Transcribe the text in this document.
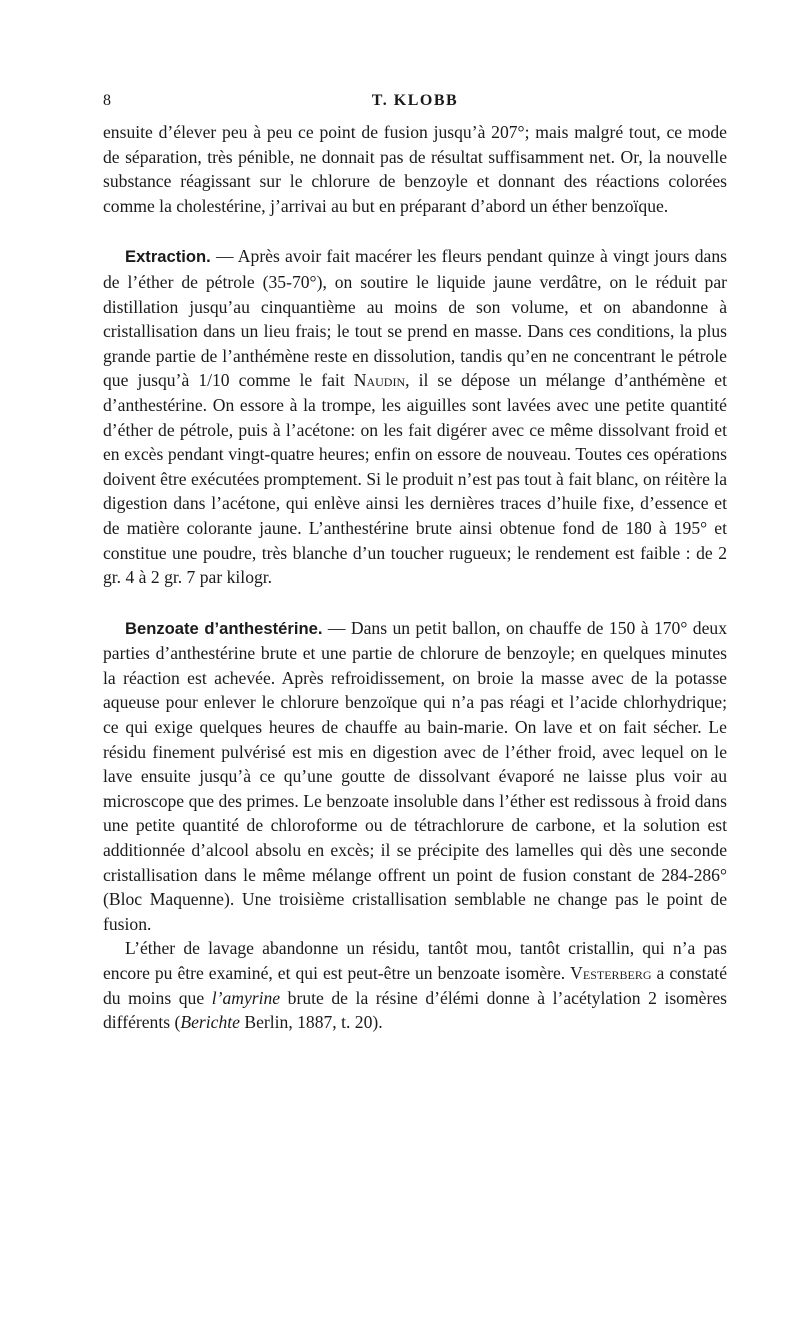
8	T. KLOBB

ensuite d’élever peu à peu ce point de fusion jusqu’à 207°; mais malgré tout, ce mode de séparation, très pénible, ne donnait pas de résultat suffisamment net. Or, la nouvelle substance réagissant sur le chlorure de benzoyle et donnant des réactions colorées comme la cholestérine, j’arrivai au but en préparant d’abord un éther benzoïque.

Extraction. — Après avoir fait macérer les fleurs pendant quinze à vingt jours dans de l’éther de pétrole (35-70°), on soutire le liquide jaune verdâtre, on le réduit par distillation jusqu’au cinquantième au moins de son volume, et on abandonne à cristallisation dans un lieu frais; le tout se prend en masse. Dans ces conditions, la plus grande partie de l’anthémène reste en dissolution, tandis qu’en ne concentrant le pétrole que jusqu’à 1/10 comme le fait Naudin, il se dépose un mélange d’anthémène et d’anthestérine. On essore à la trompe, les aiguilles sont lavées avec une petite quantité d’éther de pétrole, puis à l’acétone: on les fait digérer avec ce même dissolvant froid et en excès pendant vingt-quatre heures; enfin on essore de nouveau. Toutes ces opérations doivent être exécutées promptement. Si le produit n’est pas tout à fait blanc, on réitère la digestion dans l’acétone, qui enlève ainsi les dernières traces d’huile fixe, d’essence et de matière colorante jaune. L’anthestérine brute ainsi obtenue fond de 180 à 195° et constitue une poudre, très blanche d’un toucher rugueux; le rendement est faible : de 2 gr. 4 à 2 gr. 7 par kilogr.

Benzoate d’anthestérine. — Dans un petit ballon, on chauffe de 150 à 170° deux parties d’anthestérine brute et une partie de chlorure de benzoyle; en quelques minutes la réaction est achevée. Après refroidissement, on broie la masse avec de la potasse aqueuse pour enlever le chlorure benzoïque qui n’a pas réagi et l’acide chlorhydrique; ce qui exige quelques heures de chauffe au bain-marie. On lave et on fait sécher. Le résidu finement pulvérisé est mis en digestion avec de l’éther froid, avec lequel on le lave ensuite jusqu’à ce qu’une goutte de dissolvant évaporé ne laisse plus voir au microscope que des primes. Le benzoate insoluble dans l’éther est redissous à froid dans une petite quantité de chloroforme ou de tétrachlorure de carbone, et la solution est additionnée d’alcool absolu en excès; il se précipite des lamelles qui dès une seconde cristallisation dans le même mélange offrent un point de fusion constant de 284-286° (Bloc Maquenne). Une troisième cristallisation semblable ne change pas le point de fusion.

L’éther de lavage abandonne un résidu, tantôt mou, tantôt cristallin, qui n’a pas encore pu être examiné, et qui est peut-être un benzoate isomère. Vesterberg a constaté du moins que l’amyrine brute de la résine d’élémi donne à l’acétylation 2 isomères différents (Berichte Berlin, 1887, t. 20).
